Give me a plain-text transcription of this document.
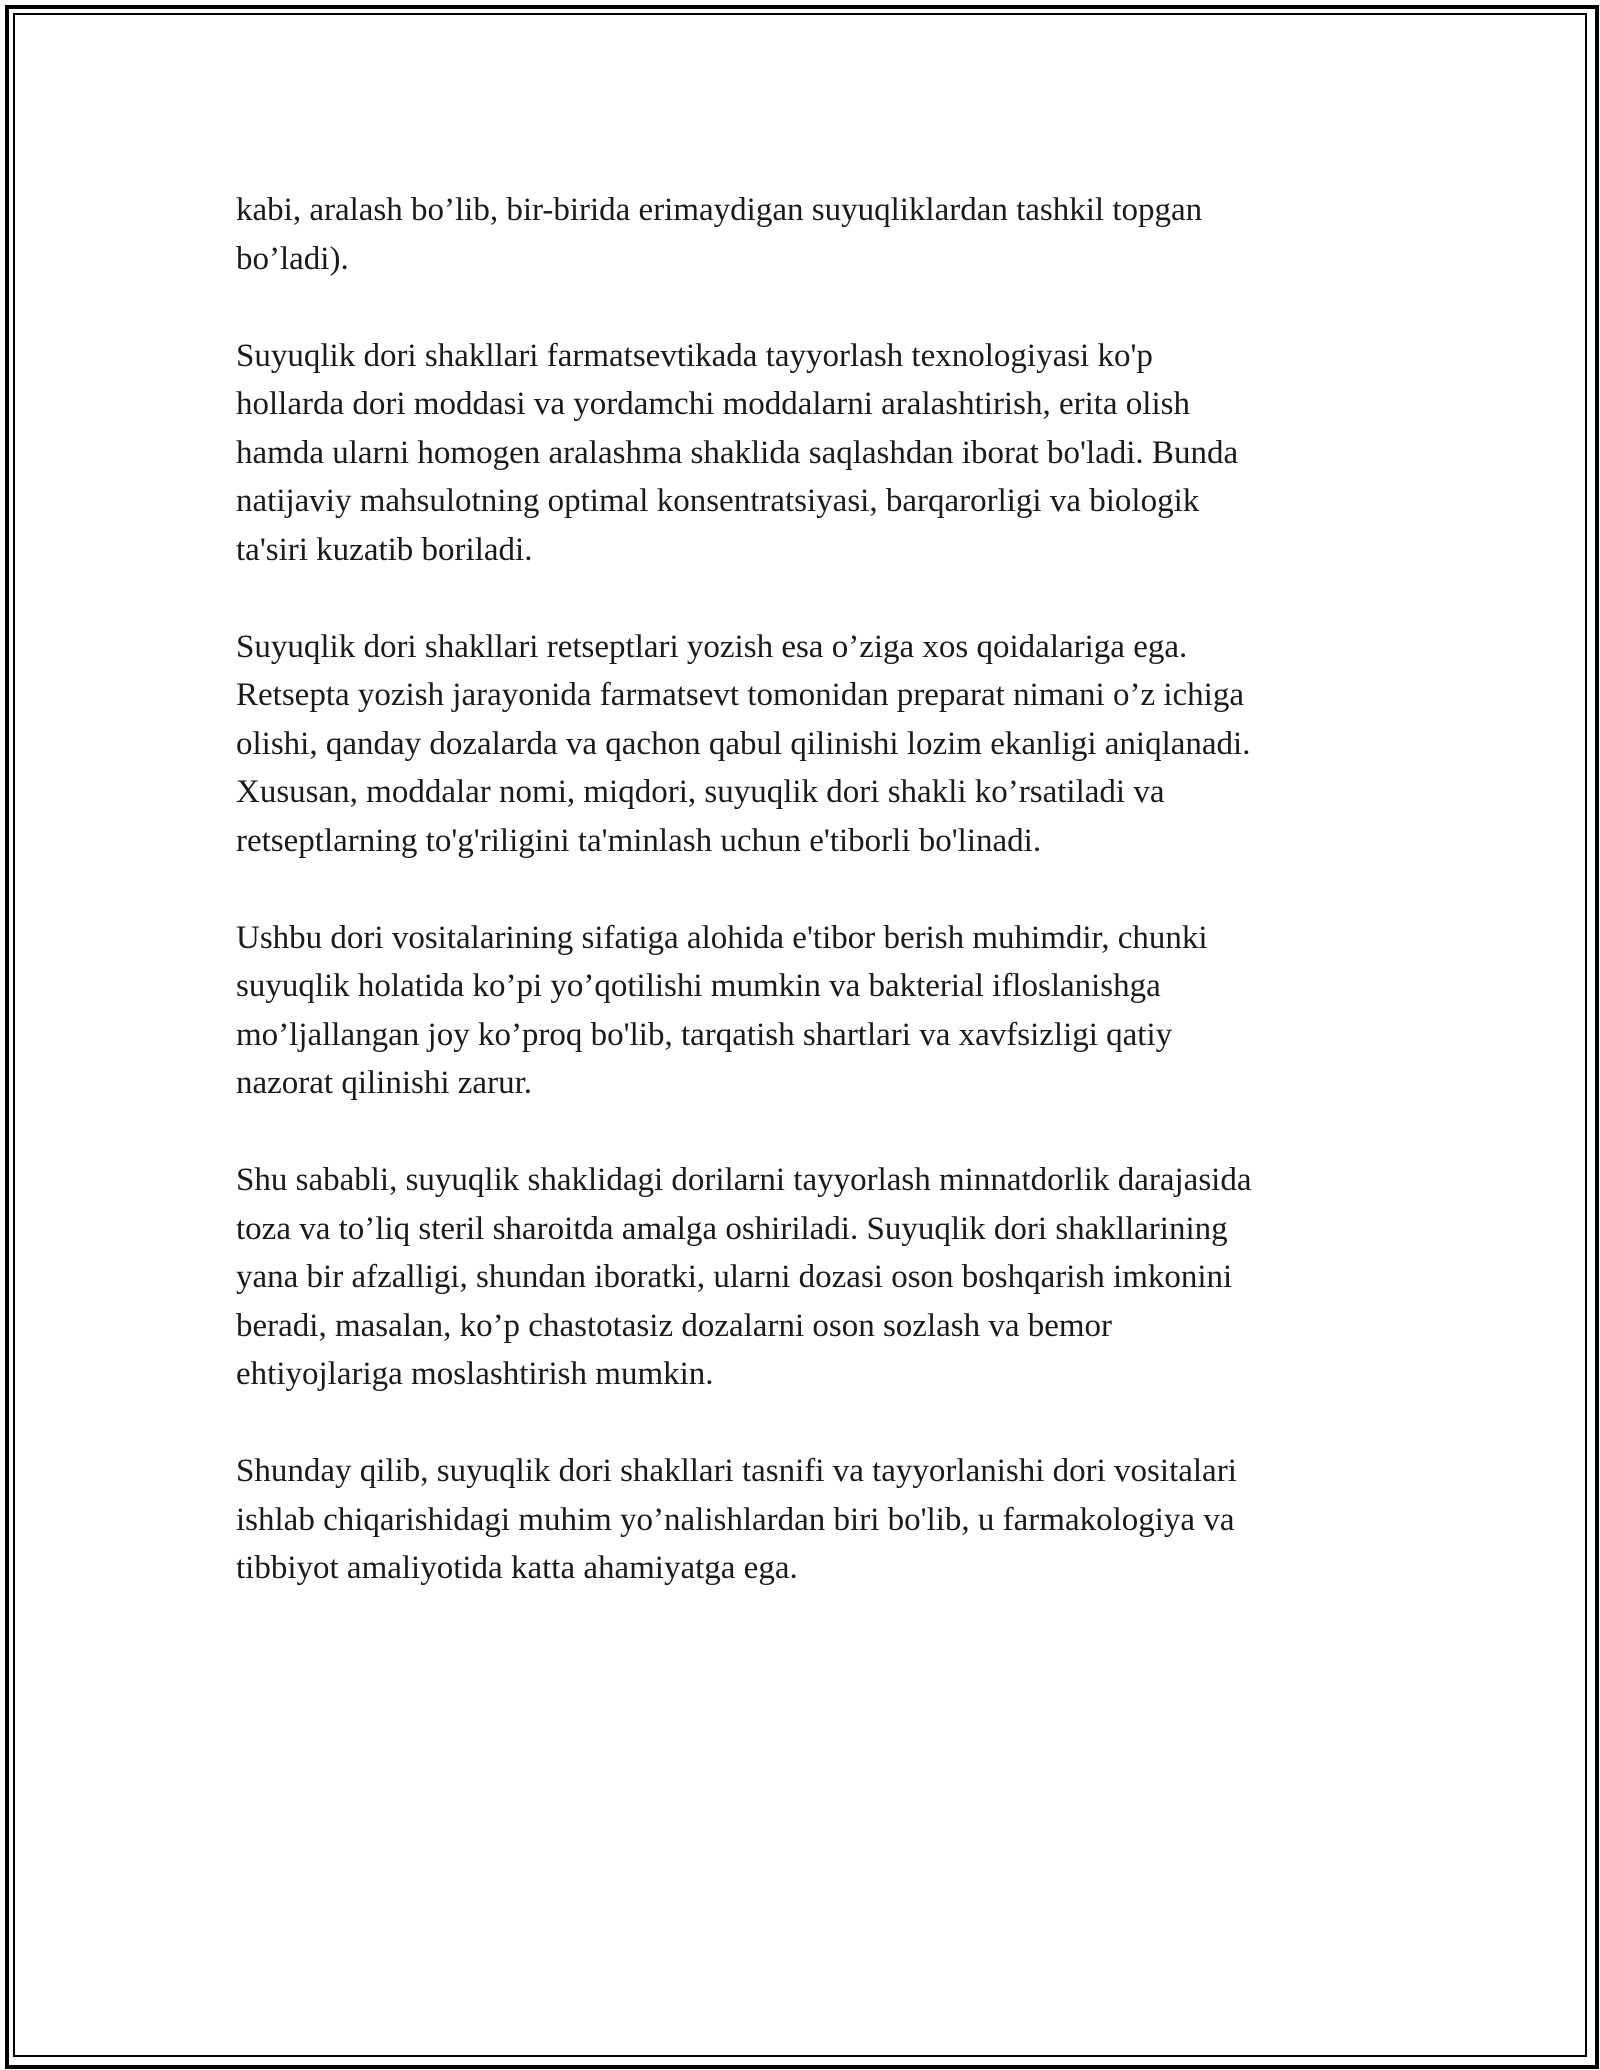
kabi, aralash bo’lib, bir-birida erimaydigan suyuqliklardan tashkil topgan
bo’ladi).

Suyuqlik dori shakllari farmatsevtikada tayyorlash texnologiyasi ko'p
hollarda dori moddasi va yordamchi moddalarni aralashtirish, erita olish
hamda ularni homogen aralashma shaklida saqlashdan iborat bo'ladi. Bunda
natijaviy mahsulotning optimal konsentratsiyasi, barqarorligi va biologik
ta'siri kuzatib boriladi.

Suyuqlik dori shakllari retseptlari yozish esa o’ziga xos qoidalariga ega.
Retsepta yozish jarayonida farmatsevt tomonidan preparat nimani o’z ichiga
olishi, qanday dozalarda va qachon qabul qilinishi lozim ekanligi aniqlanadi.
Xususan, moddalar nomi, miqdori, suyuqlik dori shakli ko’rsatiladi va
retseptlarning to'g'riligini ta'minlash uchun e'tiborli bo'linadi.

Ushbu dori vositalarining sifatiga alohida e'tibor berish muhimdir, chunki
suyuqlik holatida ko’pi yo’qotilishi mumkin va bakterial ifloslanishga
mo’ljallangan joy ko’proq bo'lib, tarqatish shartlari va xavfsizligi qatiy
nazorat qilinishi zarur.

Shu sababli, suyuqlik shaklidagi dorilarni tayyorlash minnatdorlik darajasida
toza va to’liq steril sharoitda amalga oshiriladi. Suyuqlik dori shakllarining
yana bir afzalligi, shundan iboratki, ularni dozasi oson boshqarish imkonini
beradi, masalan, ko’p chastotasiz dozalarni oson sozlash va bemor
ehtiyojlariga moslashtirish mumkin.

Shunday qilib, suyuqlik dori shakllari tasnifi va tayyorlanishi dori vositalari
ishlab chiqarishidagi muhim yo’nalishlardan biri bo'lib, u farmakologiya va
tibbiyot amaliyotida katta ahamiyatga ega.
